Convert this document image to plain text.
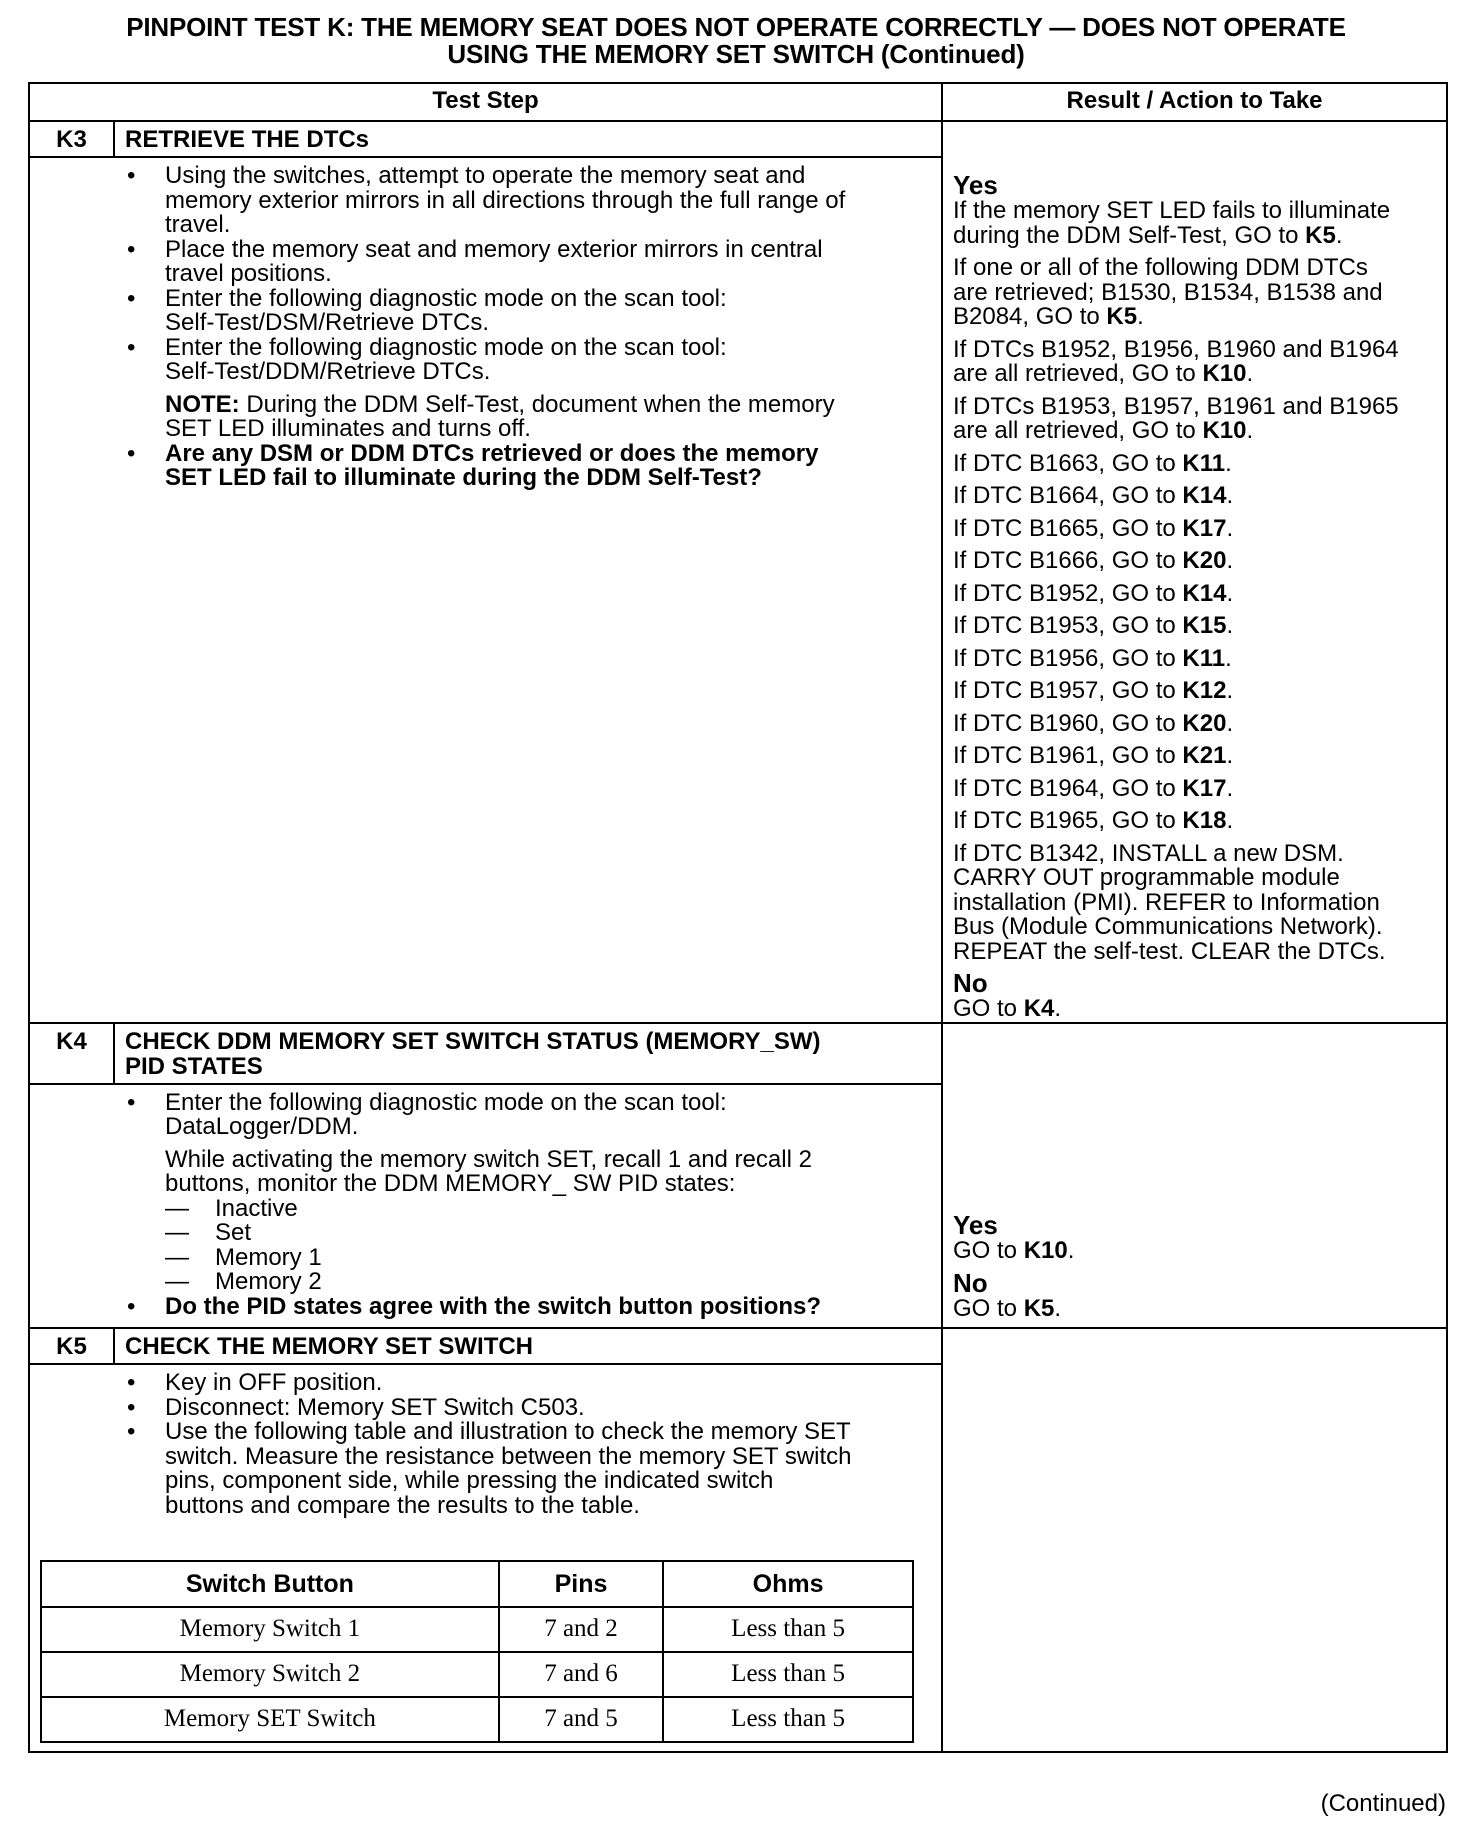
PINPOINT TEST K: THE MEMORY SEAT DOES NOT OPERATE CORRECTLY — DOES NOT OPERATE
USING THE MEMORY SET SWITCH (Continued)
Test Step	Result / Action to Take
K3	RETRIEVE THE DTCs
• Using the switches, attempt to operate the memory seat and
memory exterior mirrors in all directions through the full range of
travel.
• Place the memory seat and memory exterior mirrors in central
travel positions.
• Enter the following diagnostic mode on the scan tool:
Self-Test/DSM/Retrieve DTCs.
• Enter the following diagnostic mode on the scan tool:
Self-Test/DDM/Retrieve DTCs.
NOTE: During the DDM Self-Test, document when the memory
SET LED illuminates and turns off.
• Are any DSM or DDM DTCs retrieved or does the memory
SET LED fail to illuminate during the DDM Self-Test?
Yes
If the memory SET LED fails to illuminate
during the DDM Self-Test, GO to K5.
If one or all of the following DDM DTCs
are retrieved; B1530, B1534, B1538 and
B2084, GO to K5.
If DTCs B1952, B1956, B1960 and B1964
are all retrieved, GO to K10.
If DTCs B1953, B1957, B1961 and B1965
are all retrieved, GO to K10.
If DTC B1663, GO to K11.
If DTC B1664, GO to K14.
If DTC B1665, GO to K17.
If DTC B1666, GO to K20.
If DTC B1952, GO to K14.
If DTC B1953, GO to K15.
If DTC B1956, GO to K11.
If DTC B1957, GO to K12.
If DTC B1960, GO to K20.
If DTC B1961, GO to K21.
If DTC B1964, GO to K17.
If DTC B1965, GO to K18.
If DTC B1342, INSTALL a new DSM.
CARRY OUT programmable module
installation (PMI). REFER to Information
Bus (Module Communications Network).
REPEAT the self-test. CLEAR the DTCs.
No
GO to K4.
K4	CHECK DDM MEMORY SET SWITCH STATUS (MEMORY_SW)
PID STATES
• Enter the following diagnostic mode on the scan tool:
DataLogger/DDM.
While activating the memory switch SET, recall 1 and recall 2
buttons, monitor the DDM MEMORY_ SW PID states:
— Inactive
— Set
— Memory 1
— Memory 2
• Do the PID states agree with the switch button positions?
Yes
GO to K10.
No
GO to K5.
K5	CHECK THE MEMORY SET SWITCH
• Key in OFF position.
• Disconnect: Memory SET Switch C503.
• Use the following table and illustration to check the memory SET
switch. Measure the resistance between the memory SET switch
pins, component side, while pressing the indicated switch
buttons and compare the results to the table.
Switch Button	Pins	Ohms
Memory Switch 1	7 and 2	Less than 5
Memory Switch 2	7 and 6	Less than 5
Memory SET Switch	7 and 5	Less than 5
(Continued)
